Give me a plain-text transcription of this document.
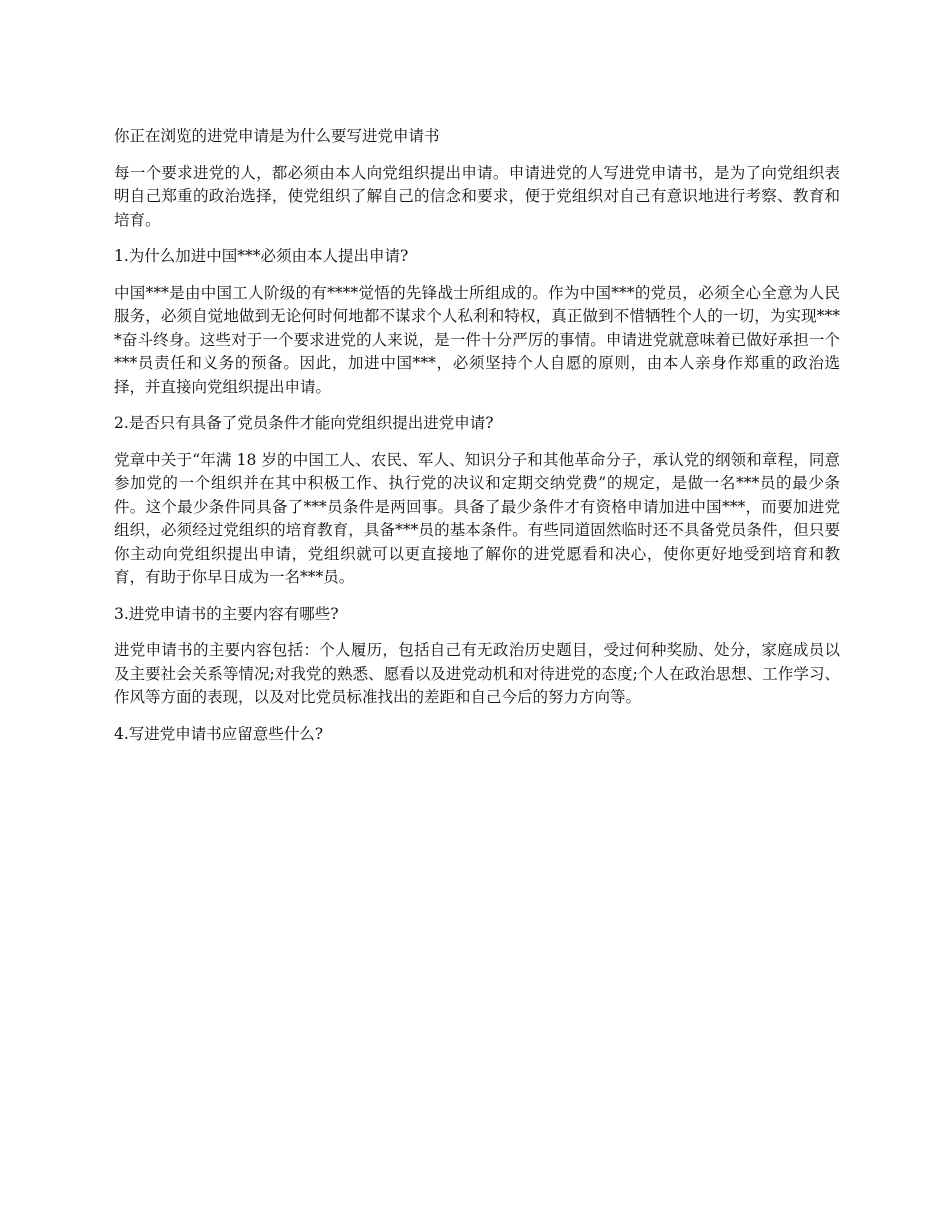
你正在浏览的进党申请是为什么要写进党申请书

每一个要求进党的人，都必须由本人向党组织提出申请。申请进党的人写进党申请书，是为了向党组织表明自己郑重的政治选择，使党组织了解自己的信念和要求，便于党组织对自己有意识地进行考察、教育和培育。

1.为什么加进中国***必须由本人提出申请?

中国***是由中国工人阶级的有****觉悟的先锋战士所组成的。作为中国***的党员，必须全心全意为人民服务，必须自觉地做到无论何时何地都不谋求个人私利和特权，真正做到不惜牺牲个人的一切，为实现****奋斗终身。这些对于一个要求进党的人来说，是一件十分严厉的事情。申请进党就意味着已做好承担一个***员责任和义务的预备。因此，加进中国***，必须坚持个人自愿的原则，由本人亲身作郑重的政治选择，并直接向党组织提出申请。

2.是否只有具备了党员条件才能向党组织提出进党申请?

党章中关于“年满 18 岁的中国工人、农民、军人、知识分子和其他革命分子，承认党的纲领和章程，同意参加党的一个组织并在其中积极工作、执行党的决议和定期交纳党费”的规定，是做一名***员的最少条件。这个最少条件同具备了***员条件是两回事。具备了最少条件才有资格申请加进中国***，而要加进党组织，必须经过党组织的培育教育，具备***员的基本条件。有些同道固然临时还不具备党员条件，但只要你主动向党组织提出申请，党组织就可以更直接地了解你的进党愿看和决心，使你更好地受到培育和教育，有助于你早日成为一名***员。

3.进党申请书的主要内容有哪些?

进党申请书的主要内容包括：个人履历，包括自己有无政治历史题目，受过何种奖励、处分，家庭成员以及主要社会关系等情况;对我党的熟悉、愿看以及进党动机和对待进党的态度;个人在政治思想、工作学习、作风等方面的表现，以及对比党员标准找出的差距和自己今后的努力方向等。

4.写进党申请书应留意些什么?
